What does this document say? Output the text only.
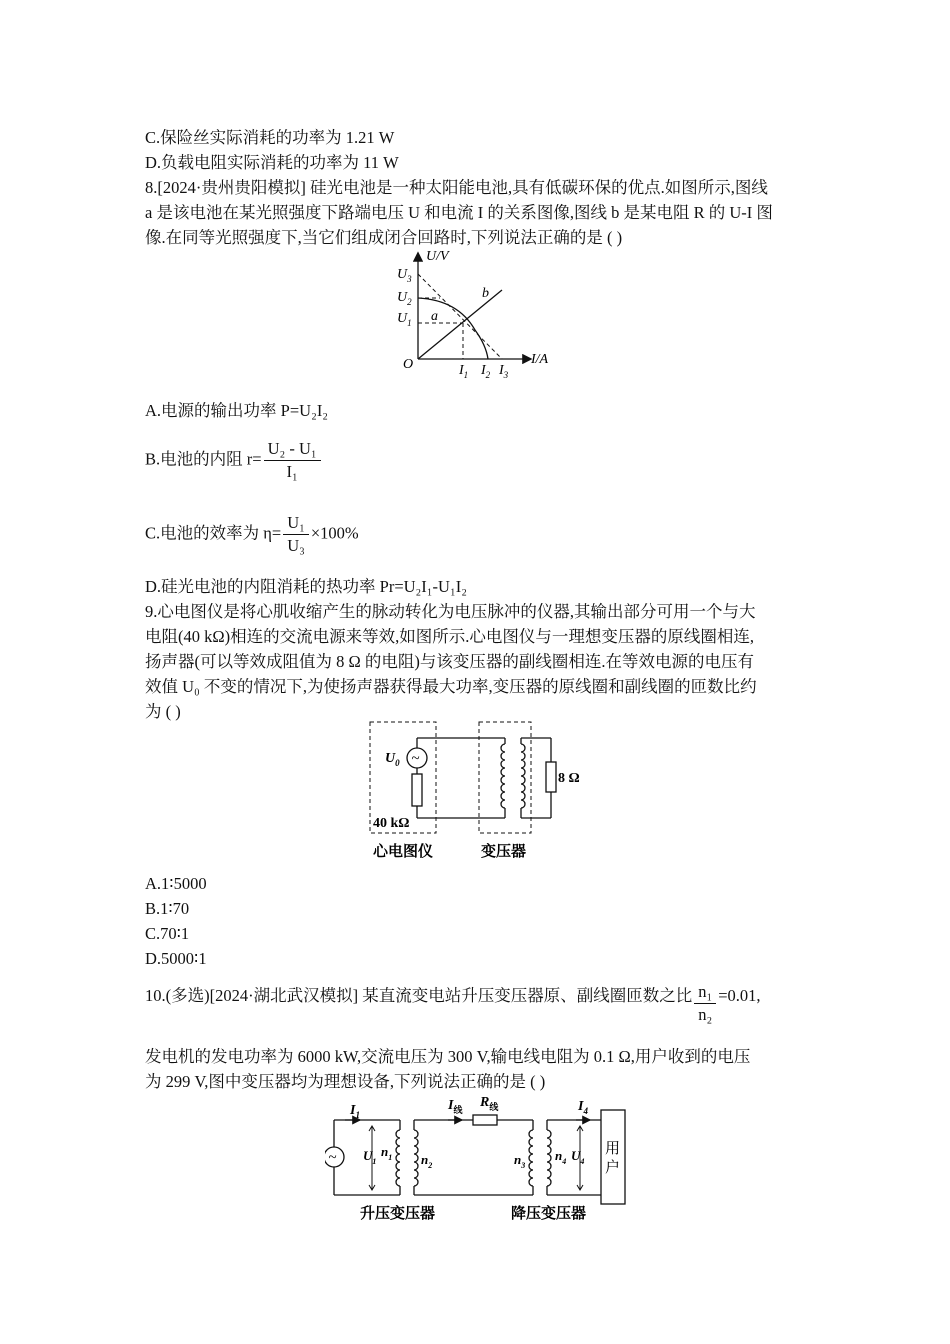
C.保险丝实际消耗的功率为 1.21 W
D.负载电阻实际消耗的功率为 11 W
8.[2024·贵州贵阳模拟] 硅光电池是一种太阳能电池,具有低碳环保的优点.如图所示,图线
a 是该电池在某光照强度下路端电压 U 和电流 I 的关系图像,图线 b 是某电阻 R 的 U-I 图
像.在同等光照强度下,当它们组成闭合回路时,下列说法正确的是 ( )
U/V
I/A
O
a
b
$U_3$
$U_2$
$U_1$
$I_1$ $I_2$ $I_3$
A.电源的输出功率 P=U₂I₂
B.电池的内阻 $r= \frac{\text{U₂ - U₁}}{\text{I₁}}$
C.电池的效率为 $\eta= \frac{\text{U₁}}{\text{U₃}} \times 100\%$
D.硅光电池的内阻消耗的热功率 Pr=U₂I₁-U₁I₂
9.心电图仪是将心肌收缩产生的脉动转化为电压脉冲的仪器,其输出部分可用一个与大
电阻(40 kΩ)相连的交流电源来等效,如图所示.心电图仪与一理想变压器的原线圈相连,
扬声器(可以等效成阻值为 8 Ω 的电阻)与该变压器的副线圈相连.在等效电源的电压有
效值 U₀ 不变的情况下,为使扬声器获得最大功率,变压器的原线圈和副线圈的匝数比约
为 ( )
~
$U_0$
40 kΩ
8 Ω
心电图仪	变压器
A.1∶5000
B.1∶70
C.70∶1
D.5000∶1
10.(多选)[2024·湖北武汉模拟] 某直流变电站升压变压器原、副线圈匝数之比 $\frac{\text{n₁}}{\text{n₂}} =0.01$,
发电机的发电功率为 6000 kW,交流电压为 300 V,输电线电阻为 0.1 Ω,用户收到的电压
为 299 V,图中变压器均为理想设备,下列说法正确的是 ( )
~
$I_1$
$I_线$ $R_线$	$I_4$
$U_1$
$n_1$ $n_2$	$n_3$
$n_4$ $U_4$
用
户
升压变压器	降压变压器
